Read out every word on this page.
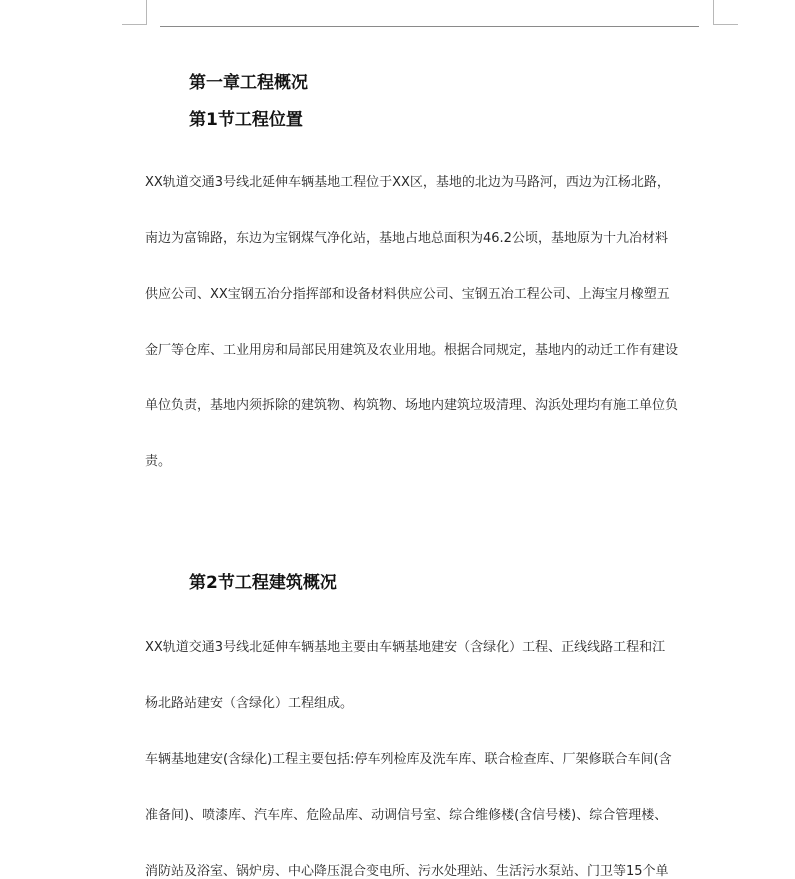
第一章工程概况
第1节工程位置

XX轨道交通3号线北延伸车辆基地工程位于XX区，基地的北边为马路河，西边为江杨北路，

南边为富锦路，东边为宝钢煤气净化站，基地占地总面积为46.2公顷，基地原为十九冶材料

供应公司、XX宝钢五冶分指挥部和设备材料供应公司、宝钢五冶工程公司、上海宝月橡塑五

金厂等仓库、工业用房和局部民用建筑及农业用地。根据合同规定，基地内的动迁工作有建设

单位负责，基地内须拆除的建筑物、构筑物、场地内建筑垃圾清理、沟浜处理均有施工单位负

责。

第2节工程建筑概况

XX轨道交通3号线北延伸车辆基地主要由车辆基地建安（含绿化）工程、正线线路工程和江

杨北路站建安（含绿化）工程组成。

车辆基地建安(含绿化)工程主要包括:停车列检库及洗车库、联合检查库、厂架修联合车间(含

准备间)、喷漆库、汽车库、危险品库、动调信号室、综合维修楼(含信号楼)、综合管理楼、

消防站及浴室、锅炉房、中心降压混合变电所、污水处理站、生活污水泵站、门卫等15个单
